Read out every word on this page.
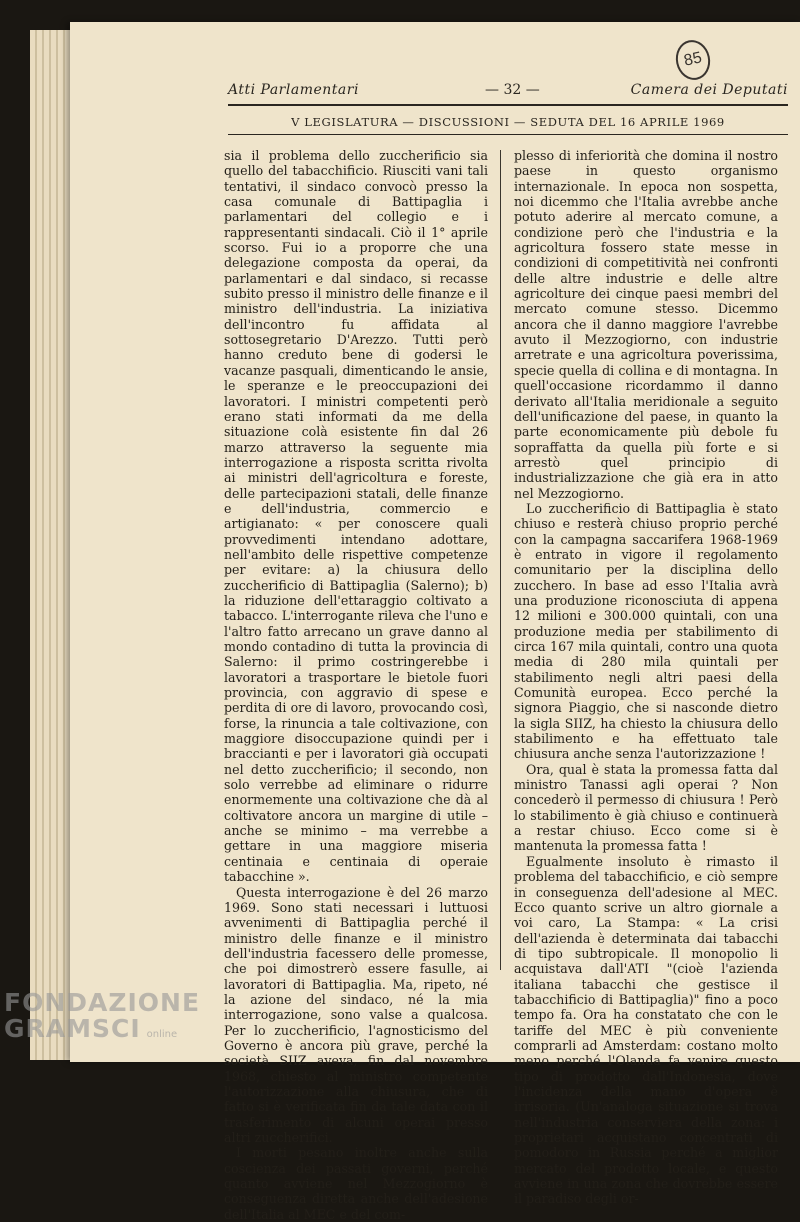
85
Atti Parlamentari	— 32 —	Camera dei Deputati
V LEGISLATURA — DISCUSSIONI — SEDUTA DEL 16 APRILE 1969

sia il problema dello zuccherificio sia quello del tabacchificio. Riusciti vani tali tentativi, il sindaco convocò presso la casa comunale di Battipaglia i parlamentari del collegio e i rappresentanti sindacali. Ciò il 1° aprile scorso. Fui io a proporre che una delegazione composta da operai, da parlamentari e dal sindaco, si recasse subito presso il ministro delle finanze e il ministro dell'industria. La iniziativa dell'incontro fu affidata al sottosegretario D'Arezzo. Tutti però hanno creduto bene di godersi le vacanze pasquali, dimenticando le ansie, le speranze e le preoccupazioni dei lavoratori. I ministri competenti però erano stati informati da me della situazione colà esistente fin dal 26 marzo attraverso la seguente mia interrogazione a risposta scritta rivolta ai ministri dell'agricoltura e foreste, delle partecipazioni statali, delle finanze e dell'industria, commercio e artigianato: « per conoscere quali provvedimenti intendano adottare, nell'ambito delle rispettive competenze per evitare: a) la chiusura dello zuccherificio di Battipaglia (Salerno); b) la riduzione dell'ettaraggio coltivato a tabacco. L'interrogante rileva che l'uno e l'altro fatto arrecano un grave danno al mondo contadino di tutta la provincia di Salerno: il primo costringerebbe i lavoratori a trasportare le bietole fuori provincia, con aggravio di spese e perdita di ore di lavoro, provocando così, forse, la rinuncia a tale coltivazione, con maggiore disoccupazione quindi per i braccianti e per i lavoratori già occupati nel detto zuccherificio; il secondo, non solo verrebbe ad eliminare o ridurre enormemente una coltivazione che dà al coltivatore ancora un margine di utile – anche se minimo – ma verrebbe a gettare in una maggiore miseria centinaia e centinaia di operaie tabacchine ».

Questa interrogazione è del 26 marzo 1969. Sono stati necessari i luttuosi avvenimenti di Battipaglia perché il ministro delle finanze e il ministro dell'industria facessero delle promesse, che poi dimostrerò essere fasulle, ai lavoratori di Battipaglia. Ma, ripeto, né la azione del sindaco, né la mia interrogazione, sono valse a qualcosa. Per lo zuccherificio, l'agnosticismo del Governo è ancora più grave, perché la società SIIZ aveva, fin dal novembre 1968, chiesto al ministro competente l'autorizzazione alla chiusura, che di fatto si è verificata fin da tale data con il trasferimento di alcuni operai presso altri zuccherifici.

I morti pesano inoltre anche sulla coscienza dei passati governi, perché quanto avviene nel Mezzogiorno è conseguenza diretta anche dell'adesione dell'Italia al MEC e del com-

plesso di inferiorità che domina il nostro paese in questo organismo internazionale. In epoca non sospetta, noi dicemmo che l'Italia avrebbe anche potuto aderire al mercato comune, a condizione però che l'industria e la agricoltura fossero state messe in condizioni di competitività nei confronti delle altre industrie e delle altre agricolture dei cinque paesi membri del mercato comune stesso. Dicemmo ancora che il danno maggiore l'avrebbe avuto il Mezzogiorno, con industrie arretrate e una agricoltura poverissima, specie quella di collina e di montagna. In quell'occasione ricordammo il danno derivato all'Italia meridionale a seguito dell'unificazione del paese, in quanto la parte economicamente più debole fu sopraffatta da quella più forte e si arrestò quel principio di industrializzazione che già era in atto nel Mezzogiorno.

Lo zuccherificio di Battipaglia è stato chiuso e resterà chiuso proprio perché con la campagna saccarifera 1968-1969 è entrato in vigore il regolamento comunitario per la disciplina dello zucchero. In base ad esso l'Italia avrà una produzione riconosciuta di appena 12 milioni e 300.000 quintali, con una produzione media per stabilimento di circa 167 mila quintali, contro una quota media di 280 mila quintali per stabilimento negli altri paesi della Comunità europea. Ecco perché la signora Piaggio, che si nasconde dietro la sigla SIIZ, ha chiesto la chiusura dello stabilimento e ha effettuato tale chiusura anche senza l'autorizzazione !

Ora, qual è stata la promessa fatta dal ministro Tanassi agli operai ? Non concederò il permesso di chiusura ! Però lo stabilimento è già chiuso e continuerà a restar chiuso. Ecco come si è mantenuta la promessa fatta !

Egualmente insoluto è rimasto il problema del tabacchificio, e ciò sempre in conseguenza dell'adesione al MEC. Ecco quanto scrive un altro giornale a voi caro, La Stampa: « La crisi dell'azienda è determinata dai tabacchi di tipo subtropicale. Il monopolio li acquistava dall'ATI "(cioè l'azienda italiana tabacchi che gestisce il tabacchificio di Battipaglia)" fino a poco tempo fa. Ora ha constatato che con le tariffe del MEC è più conveniente comprarli ad Amsterdam: costano molto meno perché l'Olanda fa venire questo tipo di prodotto dall'Indonesia, dove l'incidenza della mano d'opera è irrisoria. (Un'analoga situazione si trova nell'industria conserviera della zona: i proprietari acquistano concentrati di pomodoro in Russia perché a miglior mercato del prodotto locale, e questo avviene in una zona che dovrebbe essere il paradiso degli or-

FONDAZIONE
GRAMSCI online
